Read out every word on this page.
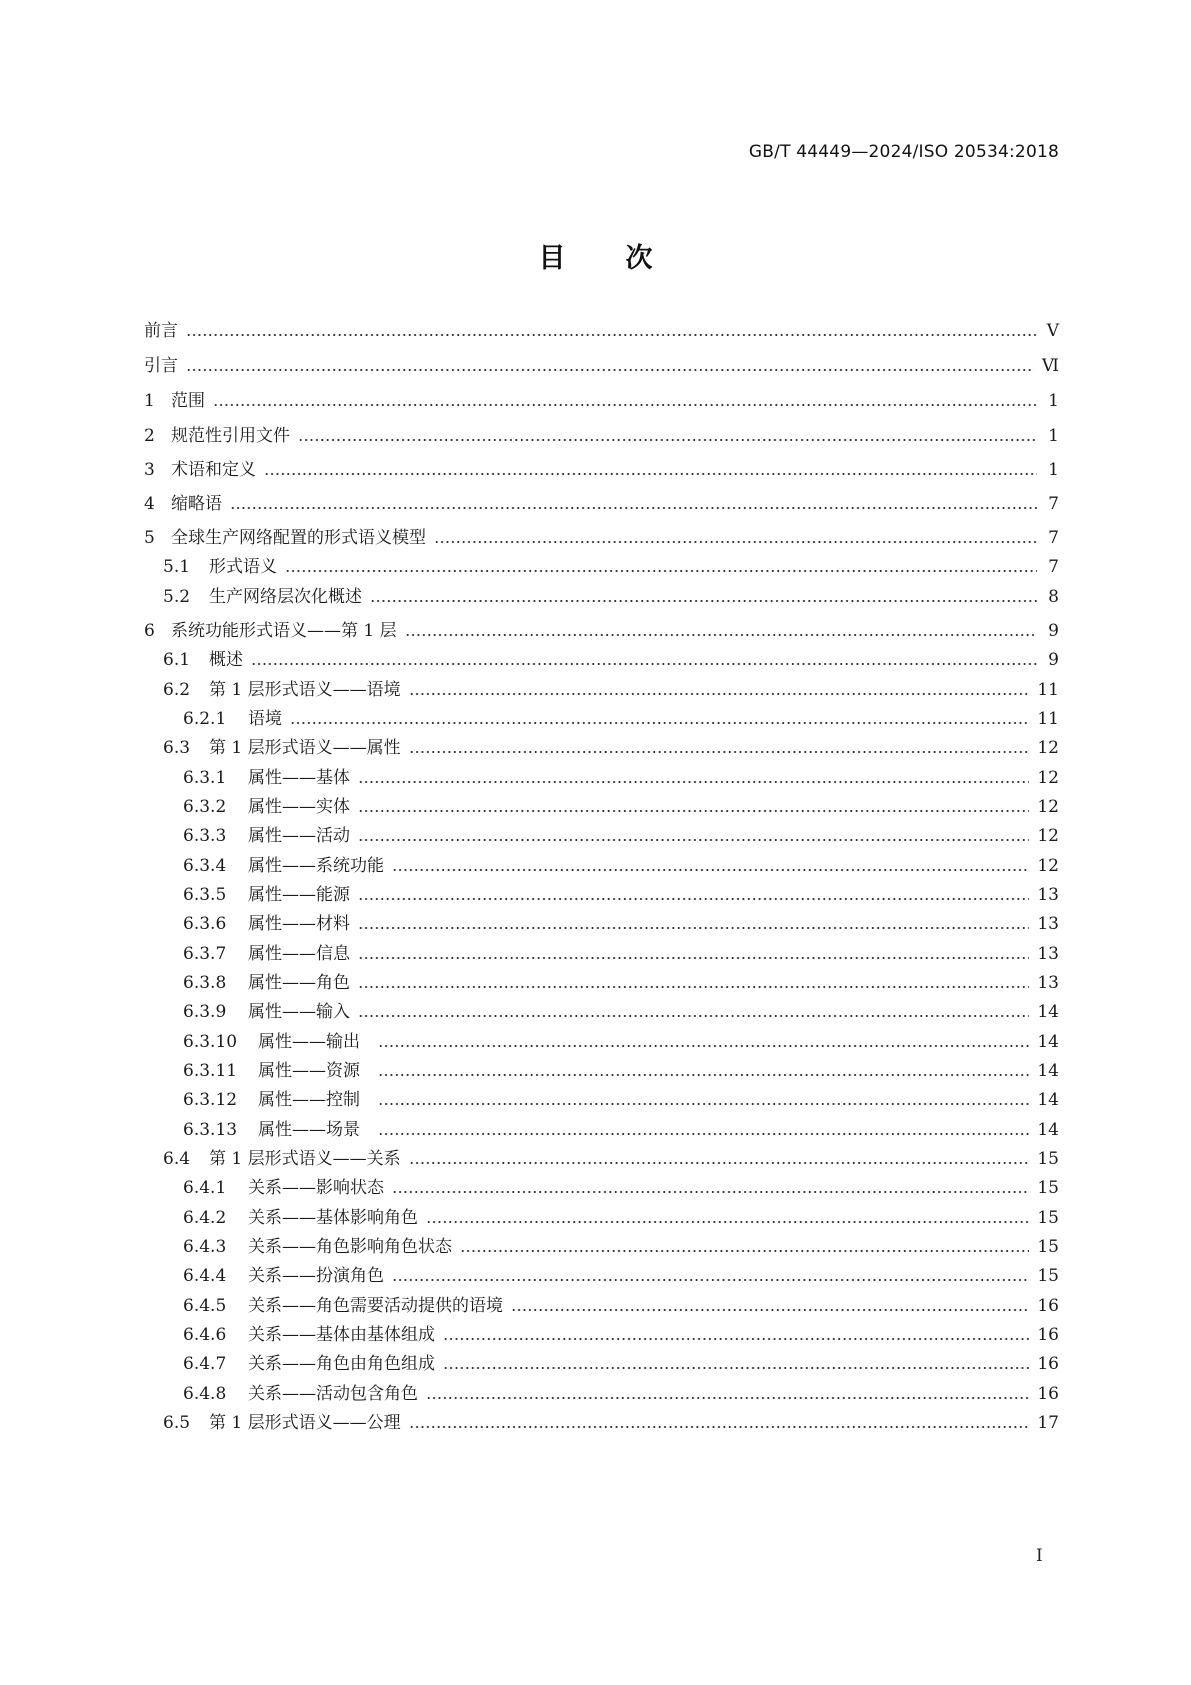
GB/T 44449—2024/ISO 20534:2018
目 次
前言	Ⅴ
引言	Ⅵ
1 范围	1
2 规范性引用文件	1
3 术语和定义	1
4 缩略语	7
5 全球生产网络配置的形式语义模型	7
5.1	形式语义	7
5.2	生产网络层次化概述	8
6 系统功能形式语义——第 1 层	9
6.1	概述	9
6.2	第 1 层形式语义——语境	11
6.2.1	语境	11
6.3	第 1 层形式语义——属性	12
6.3.1	属性——基体	12
6.3.2	属性——实体	12
6.3.3	属性——活动	12
6.3.4	属性——系统功能	12
6.3.5	属性——能源	13
6.3.6	属性——材料	13
6.3.7	属性——信息	13
6.3.8	属性——角色	13
6.3.9	属性——输入	14
6.3.10	属性——输出	14
6.3.11	属性——资源	14
6.3.12	属性——控制	14
6.3.13	属性——场景	14
6.4	第 1 层形式语义——关系	15
6.4.1	关系——影响状态	15
6.4.2	关系——基体影响角色	15
6.4.3	关系——角色影响角色状态	15
6.4.4	关系——扮演角色	15
6.4.5	关系——角色需要活动提供的语境	16
6.4.6	关系——基体由基体组成	16
6.4.7	关系——角色由角色组成	16
6.4.8	关系——活动包含角色	16
6.5	第 1 层形式语义——公理	17
Ⅰ
